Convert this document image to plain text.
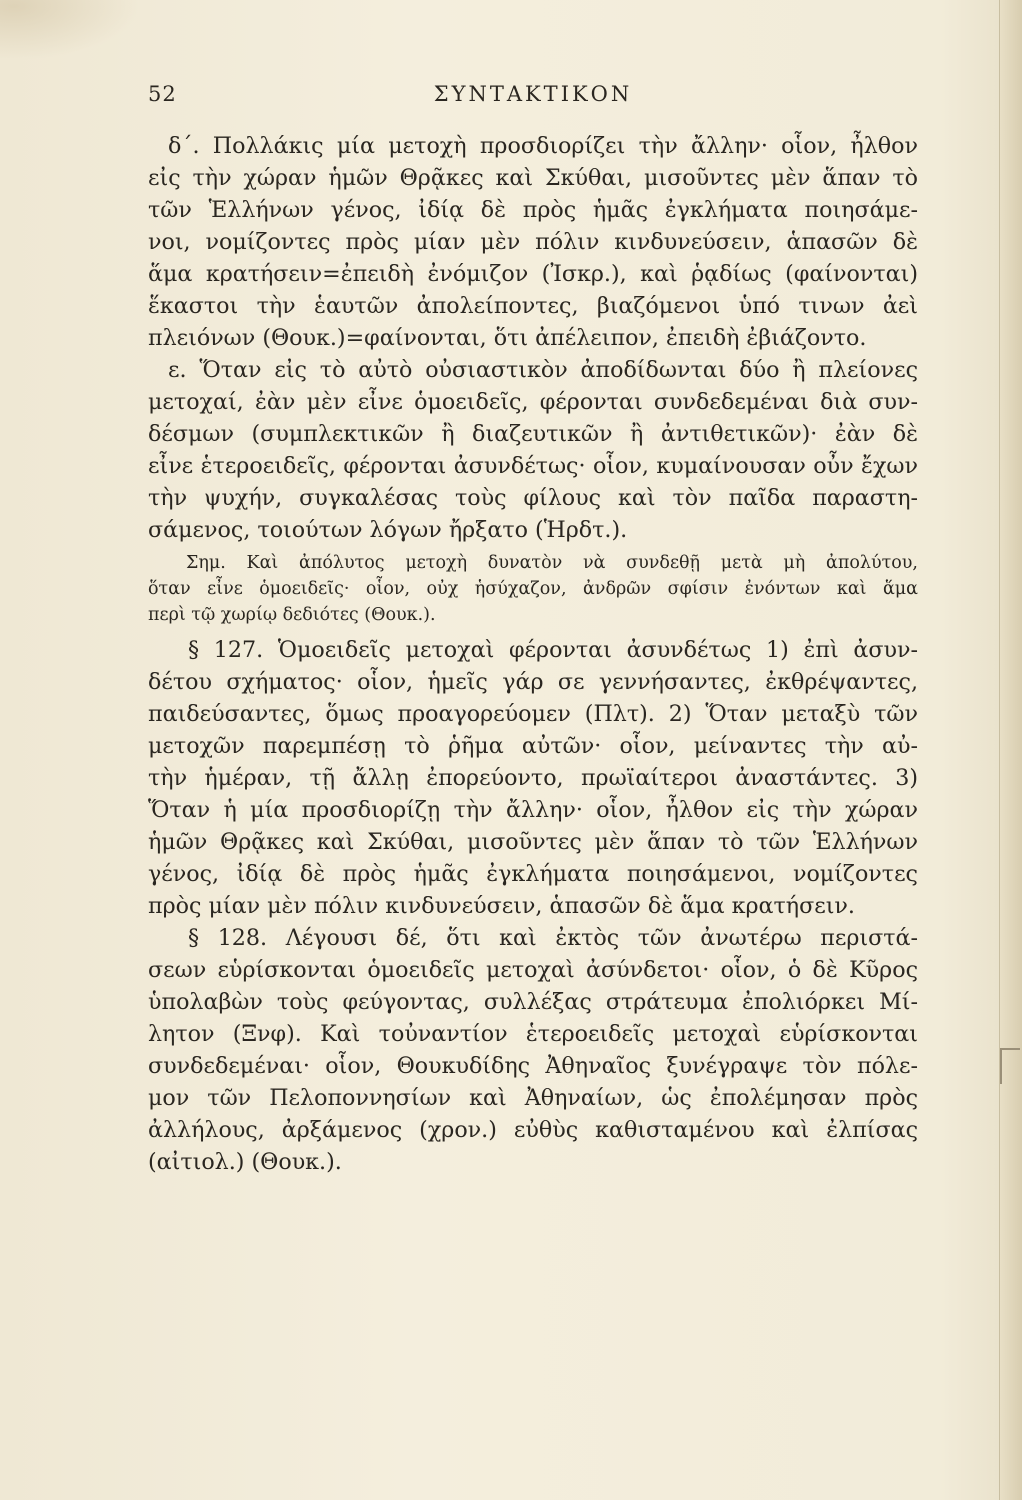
52	ΣΥΝΤΑΚΤΙΚΟΝ
δ΄. Πολλάκις μία μετοχὴ προσδιορίζει τὴν ἄλλην· οἷον, ἦλθον
εἰς τὴν χώραν ἡμῶν Θρᾷκες καὶ Σκύθαι, μισοῦντες μὲν ἅπαν τὸ
τῶν Ἑλλήνων γένος, ἰδίᾳ δὲ πρὸς ἡμᾶς ἐγκλήματα ποιησάμε-
νοι, νομίζοντες πρὸς μίαν μὲν πόλιν κινδυνεύσειν, ἁπασῶν δὲ
ἅμα κρατήσειν=ἐπειδὴ ἐνόμιζον (Ἰσκρ.), καὶ ῥᾳδίως (φαίνονται)
ἕκαστοι τὴν ἑαυτῶν ἀπολείποντες, βιαζόμενοι ὑπό τινων ἀεὶ
πλειόνων (Θουκ.)=φαίνονται, ὅτι ἀπέλειπον, ἐπειδὴ ἐβιάζοντο.
ε. Ὅταν εἰς τὸ αὐτὸ οὐσιαστικὸν ἀποδίδωνται δύο ἢ πλείονες
μετοχαί, ἐὰν μὲν εἶνε ὁμοειδεῖς, φέρονται συνδεδεμέναι διὰ συν-
δέσμων (συμπλεκτικῶν ἢ διαζευτικῶν ἢ ἀντιθετικῶν)· ἐὰν δὲ
εἶνε ἑτεροειδεῖς, φέρονται ἀσυνδέτως· οἷον, κυμαίνουσαν οὖν ἔχων
τὴν ψυχήν, συγκαλέσας τοὺς φίλους καὶ τὸν παῖδα παραστη-
σάμενος, τοιούτων λόγων ἤρξατο (Ἡρδτ.).
Σημ. Καὶ ἀπόλυτος μετοχὴ δυνατὸν νὰ συνδεθῇ μετὰ μὴ ἀπολύτου,
ὅταν εἶνε ὁμοειδεῖς· οἷον, οὐχ ἡσύχαζον, ἀνδρῶν σφίσιν ἐνόντων καὶ ἅμα
περὶ τῷ χωρίῳ δεδιότες (Θουκ.).
§ 127. Ὁμοειδεῖς μετοχαὶ φέρονται ἀσυνδέτως 1) ἐπὶ ἀσυν-
δέτου σχήματος· οἷον, ἡμεῖς γάρ σε γεννήσαντες, ἐκθρέψαντες,
παιδεύσαντες, ὅμως προαγορεύομεν (Πλτ). 2) Ὅταν μεταξὺ τῶν
μετοχῶν παρεμπέσῃ τὸ ῥῆμα αὐτῶν· οἷον, μείναντες τὴν αὐ-
τὴν ἡμέραν, τῇ ἄλλῃ ἐπορεύοντο, πρωϊαίτεροι ἀναστάντες. 3)
Ὅταν ἡ μία προσδιορίζῃ τὴν ἄλλην· οἷον, ἦλθον εἰς τὴν χώραν
ἡμῶν Θρᾷκες καὶ Σκύθαι, μισοῦντες μὲν ἅπαν τὸ τῶν Ἑλλήνων
γένος, ἰδίᾳ δὲ πρὸς ἡμᾶς ἐγκλήματα ποιησάμενοι, νομίζοντες
πρὸς μίαν μὲν πόλιν κινδυνεύσειν, ἁπασῶν δὲ ἅμα κρατήσειν.
§ 128. Λέγουσι δέ, ὅτι καὶ ἐκτὸς τῶν ἀνωτέρω περιστά-
σεων εὑρίσκονται ὁμοειδεῖς μετοχαὶ ἀσύνδετοι· οἷον, ὁ δὲ Κῦρος
ὑπολαβὼν τοὺς φεύγοντας, συλλέξας στράτευμα ἐπολιόρκει Μί-
λητον (Ξνφ). Καὶ τοὐναντίον ἑτεροειδεῖς μετοχαὶ εὑρίσκονται
συνδεδεμέναι· οἷον, Θουκυδίδης Ἀθηναῖος ξυνέγραψε τὸν πόλε-
μον τῶν Πελοποννησίων καὶ Ἀθηναίων, ὡς ἐπολέμησαν πρὸς
ἀλλήλους, ἀρξάμενος (χρον.) εὐθὺς καθισταμένου καὶ ἐλπίσας
(αἰτιολ.) (Θουκ.).
